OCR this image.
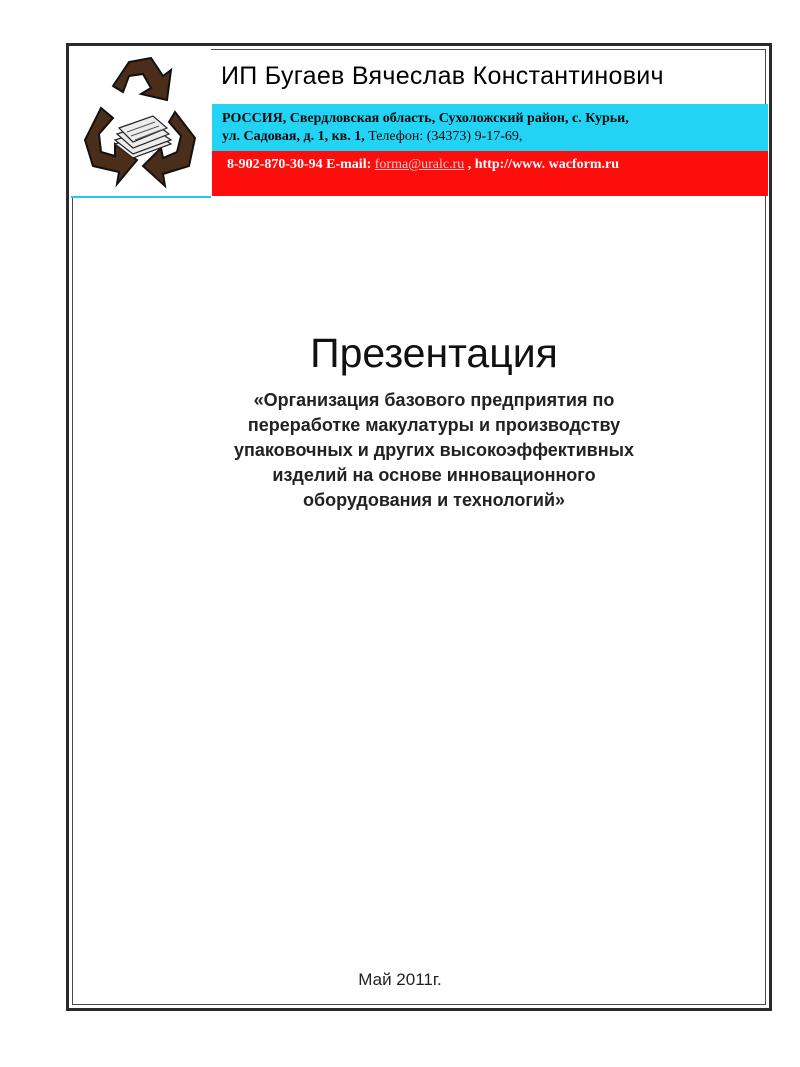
ИП Бугаев Вячеслав Константинович
РОССИЯ, Свердловская область, Сухоложский район, с. Курьи,
ул. Садовая, д. 1, кв. 1, Телефон: (34373) 9-17-69,
8-902-870-30-94 E-mail: forma@uralc.ru , http://www. wacform.ru
Презентация
«Организация базового предприятия по
переработке макулатуры и производству
упаковочных и других высокоэффективных
изделий на основе инновационного
оборудования и технологий»
Май 2011г.
